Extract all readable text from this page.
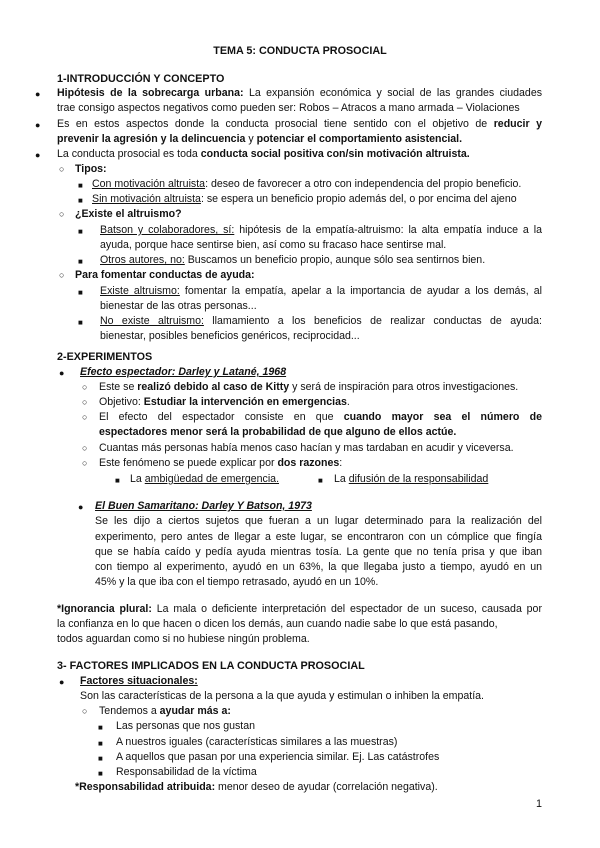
TEMA 5: CONDUCTA PROSOCIAL
1-INTRODUCCIÓN Y CONCEPTO
● Hipótesis de la sobrecarga urbana: La expansión económica y social de las grandes ciudades
trae consigo aspectos negativos como pueden ser: Robos – Atracos a mano armada – Violaciones
● Es en estos aspectos donde la conducta prosocial tiene sentido con el objetivo de reducir y
prevenir la agresión y la delincuencia y potenciar el comportamiento asistencial.
● La conducta prosocial es toda conducta social positiva con/sin motivación altruista.
○ Tipos:
■ Con motivación altruista: deseo de favorecer a otro con independencia del propio beneficio.
■ Sin motivación altruista: se espera un beneficio propio además del, o por encima del ajeno
○ ¿Existe el altruismo?
■ Batson y colaboradores, sí: hipótesis de la empatía-altruismo: la alta empatía induce a la
ayuda, porque hace sentirse bien, así como su fracaso hace sentirse mal.
■ Otros autores, no: Buscamos un beneficio propio, aunque sólo sea sentirnos bien.
○ Para fomentar conductas de ayuda:
■ Existe altruismo: fomentar la empatía, apelar a la importancia de ayudar a los demás, al
bienestar de las otras personas...
■ No existe altruismo: llamamiento a los beneficios de realizar conductas de ayuda:
bienestar, posibles beneficios genéricos, reciprocidad...
2-EXPERIMENTOS
● Efecto espectador: Darley y Latané, 1968
○ Este se realizó debido al caso de Kitty y será de inspiración para otros investigaciones.
○ Objetivo: Estudiar la intervención en emergencias.
○ El efecto del espectador consiste en que cuando mayor sea el número de
espectadores menor será la probabilidad de que alguno de ellos actúe.
○ Cuantas más personas había menos caso hacían y mas tardaban en acudir y viceversa.
○ Este fenómeno se puede explicar por dos razones:
■ La ambigüedad de emergencia.	■ La difusión de la responsabilidad
● El Buen Samaritano: Darley Y Batson, 1973
Se les dijo a ciertos sujetos que fueran a un lugar determinado para la realización del
experimento, pero antes de llegar a este lugar, se encontraron con un cómplice que fingía
que se había caído y pedía ayuda mientras tosía. La gente que no tenía prisa y que iban
con tiempo al experimento, ayudó en un 63%, la que llegaba justo a tiempo, ayudó en un
45% y la que iba con el tiempo retrasado, ayudó en un 10%.
*Ignorancia plural: La mala o deficiente interpretación del espectador de un suceso, causada por
la confianza en lo que hacen o dicen los demás, aun cuando nadie sabe lo que está pasando,
todos aguardan como si no hubiese ningún problema.
3- FACTORES IMPLICADOS EN LA CONDUCTA PROSOCIAL
● Factores situacionales:
Son las características de la persona a la que ayuda y estimulan o inhiben la empatía.
○ Tendemos a ayudar más a:
■ Las personas que nos gustan
■ A nuestros iguales (características similares a las muestras)
■ A aquellos que pasan por una experiencia similar. Ej. Las catástrofes
■ Responsabilidad de la víctima
*Responsabilidad atribuida: menor deseo de ayudar (correlación negativa).
1
